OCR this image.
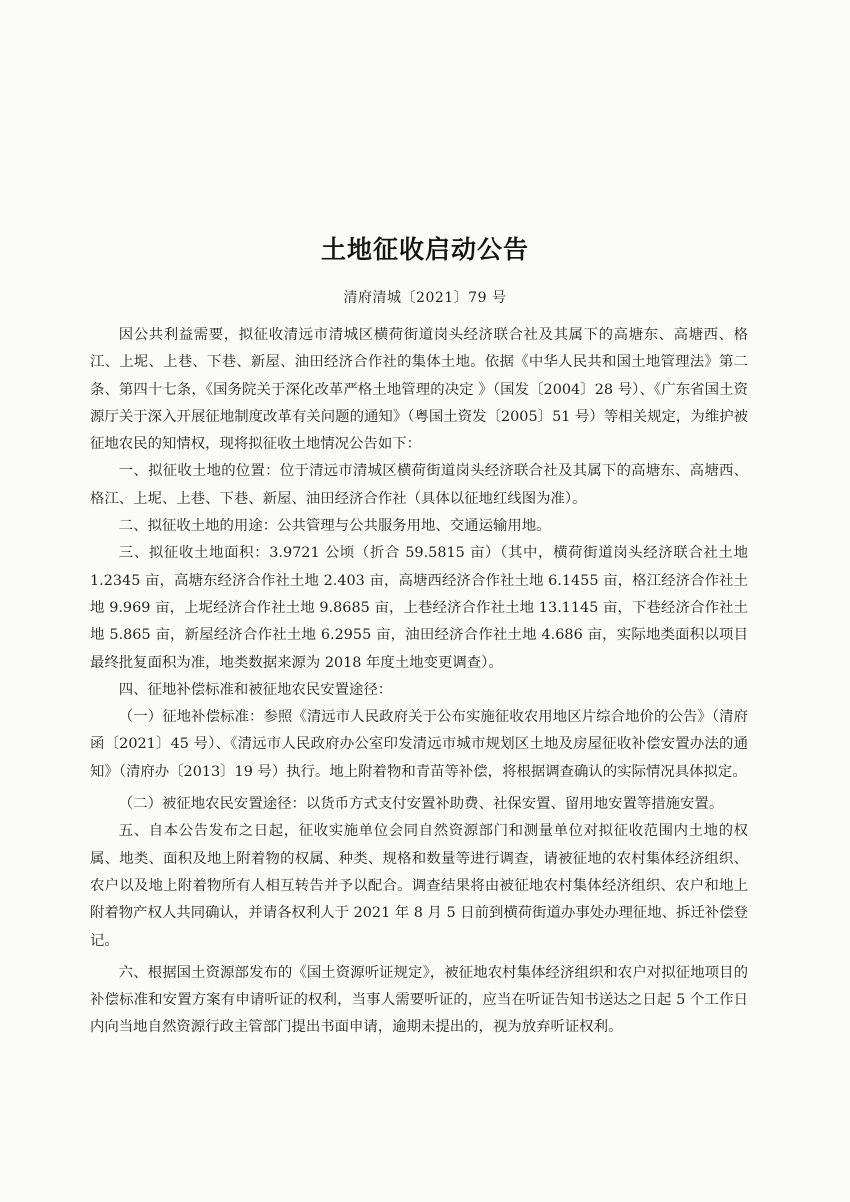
土地征收启动公告
清府清城〔2021〕79 号

因公共利益需要，拟征收清远市清城区横荷街道岗头经济联合社及其属下的高塘东、高塘西、格江、上坭、上巷、下巷、新屋、油田经济合作社的集体土地。依据《中华人民共和国土地管理法》第二条、第四十七条，《国务院关于深化改革严格土地管理的决定 》（国发〔2004〕28 号）、《广东省国土资源厅关于深入开展征地制度改革有关问题的通知》（粤国土资发〔2005〕51 号）等相关规定，为维护被征地农民的知情权，现将拟征收土地情况公告如下：

一、拟征收土地的位置：位于清远市清城区横荷街道岗头经济联合社及其属下的高塘东、高塘西、格江、上坭、上巷、下巷、新屋、油田经济合作社（具体以征地红线图为准）。

二、拟征收土地的用途：公共管理与公共服务用地、交通运输用地。

三、拟征收土地面积：3.9721 公顷（折合 59.5815 亩）（其中，横荷街道岗头经济联合社土地 1.2345 亩，高塘东经济合作社土地 2.403 亩，高塘西经济合作社土地 6.1455 亩，格江经济合作社土地 9.969 亩，上坭经济合作社土地 9.8685 亩，上巷经济合作社土地 13.1145 亩，下巷经济合作社土地 5.865 亩，新屋经济合作社土地 6.2955 亩，油田经济合作社土地 4.686 亩，实际地类面积以项目最终批复面积为准，地类数据来源为 2018 年度土地变更调查）。

四、征地补偿标准和被征地农民安置途径：

（一）征地补偿标准：参照《清远市人民政府关于公布实施征收农用地区片综合地价的公告》（清府函〔2021〕45 号）、《清远市人民政府办公室印发清远市城市规划区土地及房屋征收补偿安置办法的通知》（清府办〔2013〕19 号）执行。地上附着物和青苗等补偿，将根据调查确认的实际情况具体拟定。

（二）被征地农民安置途径：以货币方式支付安置补助费、社保安置、留用地安置等措施安置。

五、自本公告发布之日起，征收实施单位会同自然资源部门和测量单位对拟征收范围内土地的权属、地类、面积及地上附着物的权属、种类、规格和数量等进行调查，请被征地的农村集体经济组织、农户以及地上附着物所有人相互转告并予以配合。调查结果将由被征地农村集体经济组织、农户和地上附着物产权人共同确认，并请各权利人于 2021 年 8 月 5 日前到横荷街道办事处办理征地、拆迁补偿登记。

六、根据国土资源部发布的《国土资源听证规定》，被征地农村集体经济组织和农户对拟征地项目的补偿标准和安置方案有申请听证的权利，当事人需要听证的，应当在听证告知书送达之日起 5 个工作日内向当地自然资源行政主管部门提出书面申请，逾期未提出的，视为放弃听证权利。
